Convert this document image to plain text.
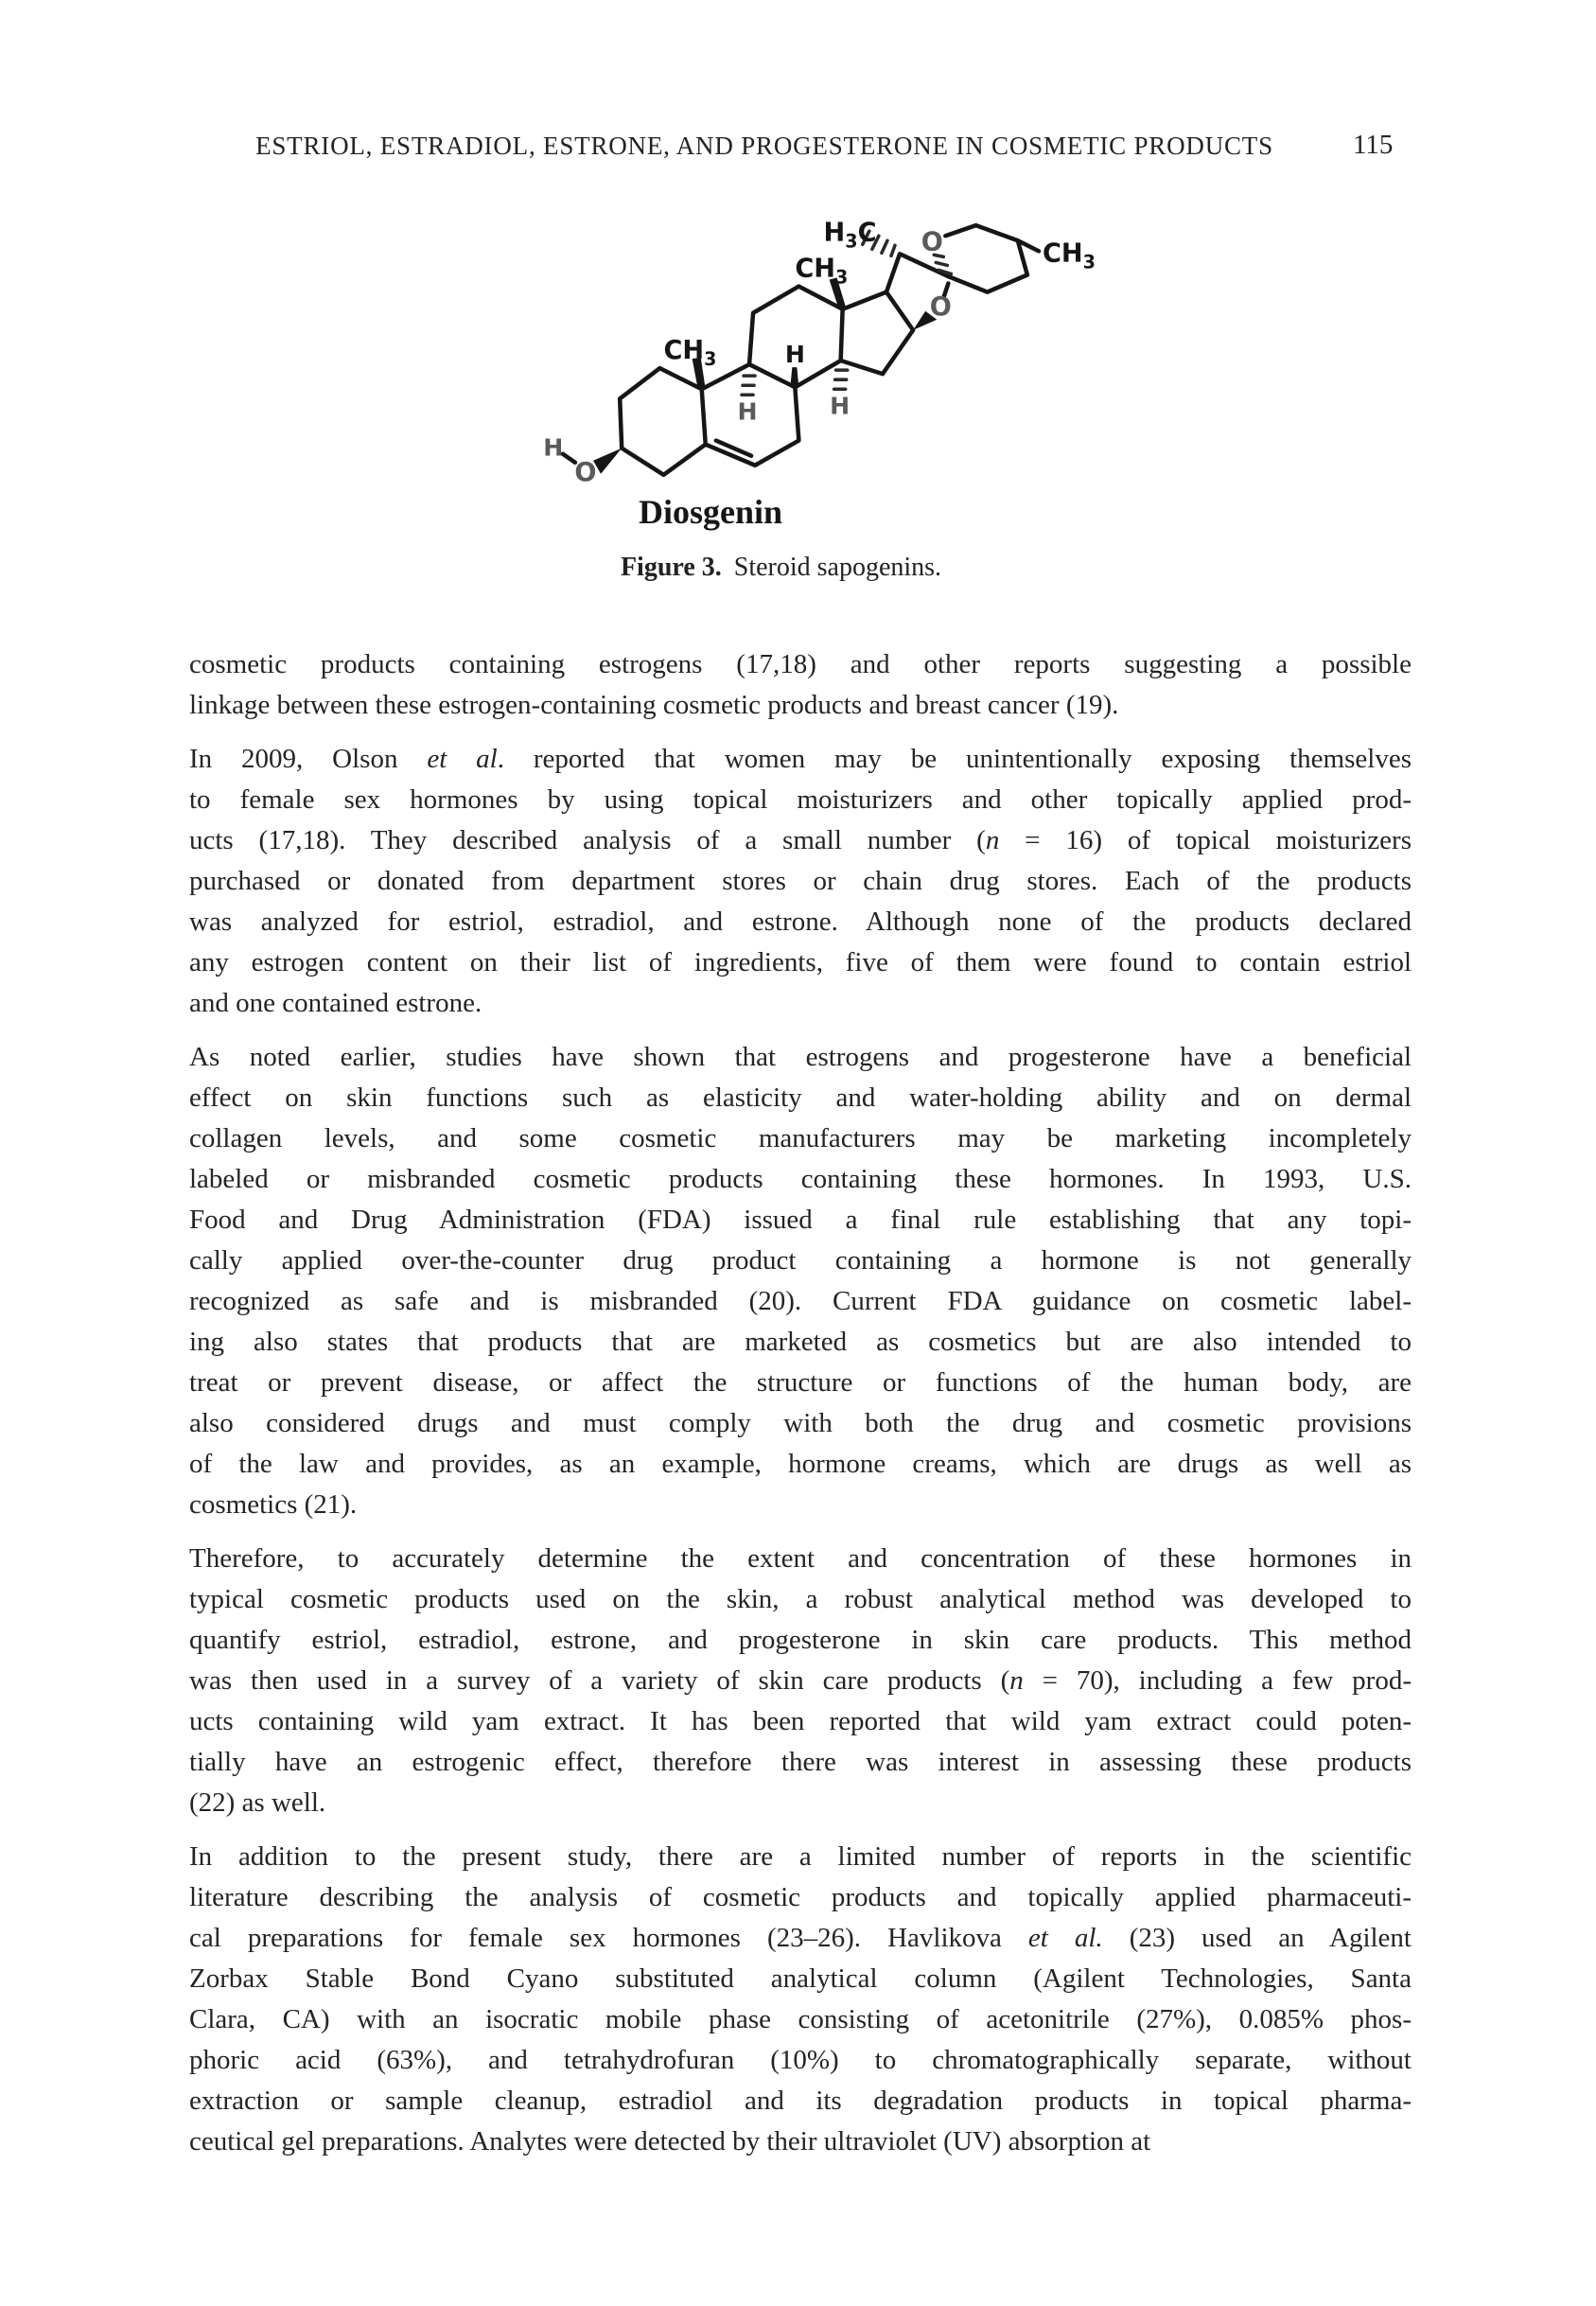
ESTRIOL, ESTRADIOL, ESTRONE, AND PROGESTERONE IN COSMETIC PRODUCTS	115
H
O
$CH_3$
$CH_3$
$H_3C$
$CH_3$
O
O
H
H	H
Diosgenin
Figure 3. Steroid sapogenins.
cosmetic products containing estrogens (17,18) and other reports suggesting a possible
linkage between these estrogen-containing cosmetic products and breast cancer (19).
In 2009, Olson et al. reported that women may be unintentionally exposing themselves
to female sex hormones by using topical moisturizers and other topically applied prod-
ucts (17,18). They described analysis of a small number (n = 16) of topical moisturizers
purchased or donated from department stores or chain drug stores. Each of the products
was analyzed for estriol, estradiol, and estrone. Although none of the products declared
any estrogen content on their list of ingredients, five of them were found to contain estriol
and one contained estrone.
As noted earlier, studies have shown that estrogens and progesterone have a beneficial
effect on skin functions such as elasticity and water-holding ability and on dermal
collagen levels, and some cosmetic manufacturers may be marketing incompletely
labeled or misbranded cosmetic products containing these hormones. In 1993, U.S.
Food and Drug Administration (FDA) issued a final rule establishing that any topi-
cally applied over-the-counter drug product containing a hormone is not generally
recognized as safe and is misbranded (20). Current FDA guidance on cosmetic label-
ing also states that products that are marketed as cosmetics but are also intended to
treat or prevent disease, or affect the structure or functions of the human body, are
also considered drugs and must comply with both the drug and cosmetic provisions
of the law and provides, as an example, hormone creams, which are drugs as well as
cosmetics (21).
Therefore, to accurately determine the extent and concentration of these hormones in
typical cosmetic products used on the skin, a robust analytical method was developed to
quantify estriol, estradiol, estrone, and progesterone in skin care products. This method
was then used in a survey of a variety of skin care products (n = 70), including a few prod-
ucts containing wild yam extract. It has been reported that wild yam extract could poten-
tially have an estrogenic effect, therefore there was interest in assessing these products
(22) as well.
In addition to the present study, there are a limited number of reports in the scientific
literature describing the analysis of cosmetic products and topically applied pharmaceuti-
cal preparations for female sex hormones (23–26). Havlikova et al. (23) used an Agilent
Zorbax Stable Bond Cyano substituted analytical column (Agilent Technologies, Santa
Clara, CA) with an isocratic mobile phase consisting of acetonitrile (27%), 0.085% phos-
phoric acid (63%), and tetrahydrofuran (10%) to chromatographically separate, without
extraction or sample cleanup, estradiol and its degradation products in topical pharma-
ceutical gel preparations. Analytes were detected by their ultraviolet (UV) absorption at
